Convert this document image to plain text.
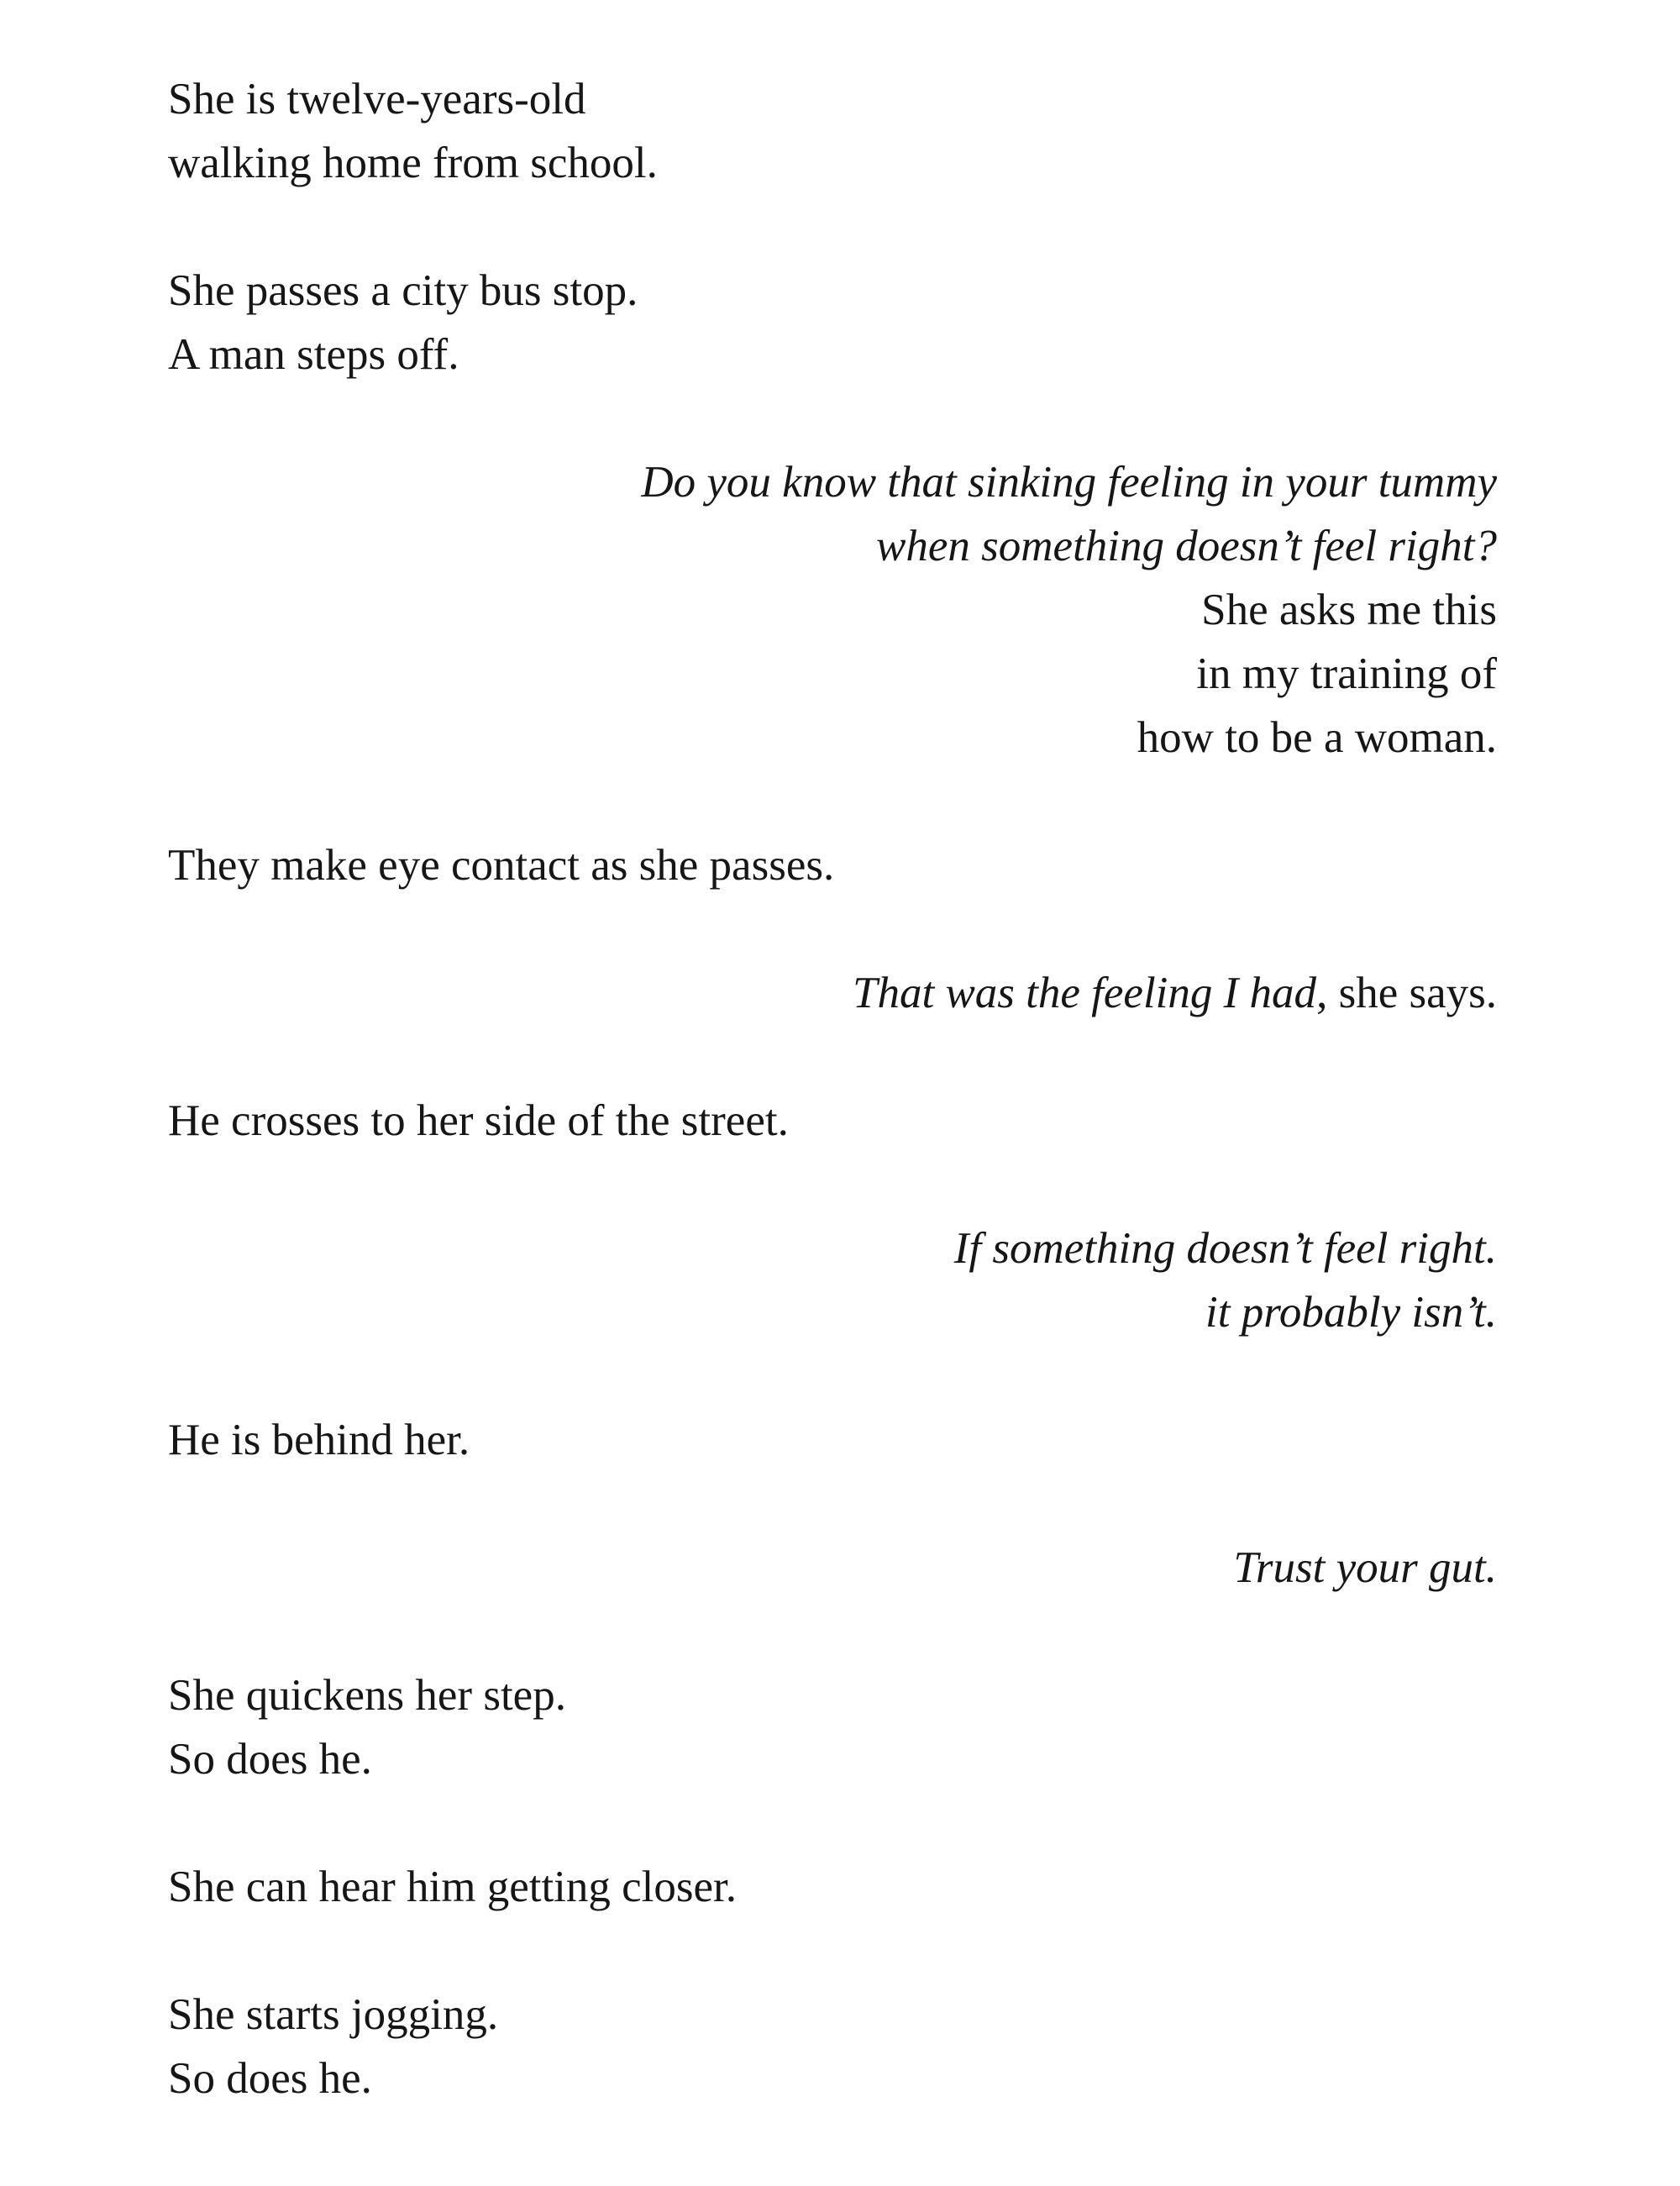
She is twelve-years-old

walking home from school.

She passes a city bus stop.

A man steps off.

Do you know that sinking feeling in your tummy

when something doesn’t feel right?

She asks me this

in my training of

how to be a woman.

They make eye contact as she passes.

That was the feeling I had, she says.

He crosses to her side of the street.

If something doesn’t feel right.

it probably isn’t.

He is behind her.

Trust your gut.

She quickens her step.

So does he.

She can hear him getting closer.

She starts jogging.

So does he.
